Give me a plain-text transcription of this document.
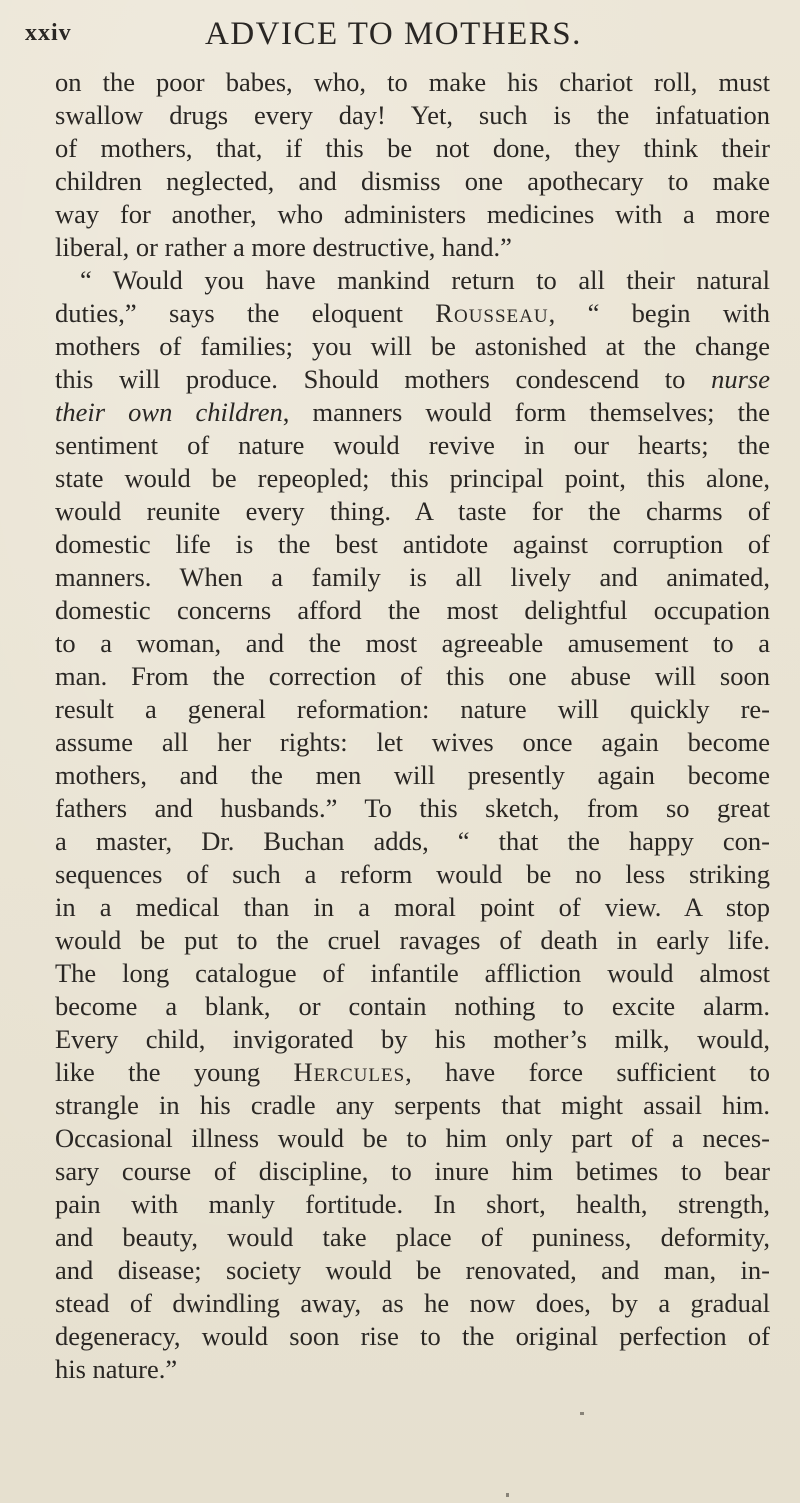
xxiv	ADVICE TO MOTHERS.
on the poor babes, who, to make his chariot roll, must
swallow drugs every day! Yet, such is the infatuation
of mothers, that, if this be not done, they think their
children neglected, and dismiss one apothecary to make
way for another, who administers medicines with a more
liberal, or rather a more destructive, hand.”
“ Would you have mankind return to all their natural
duties,” says the eloquent Rousseau, “ begin with
mothers of families; you will be astonished at the change
this will produce. Should mothers condescend to nurse
their own children, manners would form themselves; the
sentiment of nature would revive in our hearts; the
state would be repeopled; this principal point, this alone,
would reunite every thing. A taste for the charms of
domestic life is the best antidote against corruption of
manners. When a family is all lively and animated,
domestic concerns afford the most delightful occupation
to a woman, and the most agreeable amusement to a
man. From the correction of this one abuse will soon
result a general reformation: nature will quickly re-
assume all her rights: let wives once again become
mothers, and the men will presently again become
fathers and husbands.” To this sketch, from so great
a master, Dr. Buchan adds, “ that the happy con-
sequences of such a reform would be no less striking
in a medical than in a moral point of view. A stop
would be put to the cruel ravages of death in early life.
The long catalogue of infantile affliction would almost
become a blank, or contain nothing to excite alarm.
Every child, invigorated by his mother’s milk, would,
like the young Hercules, have force sufficient to
strangle in his cradle any serpents that might assail him.
Occasional illness would be to him only part of a neces-
sary course of discipline, to inure him betimes to bear
pain with manly fortitude. In short, health, strength,
and beauty, would take place of puniness, deformity,
and disease; society would be renovated, and man, in-
stead of dwindling away, as he now does, by a gradual
degeneracy, would soon rise to the original perfection of
his nature.”
